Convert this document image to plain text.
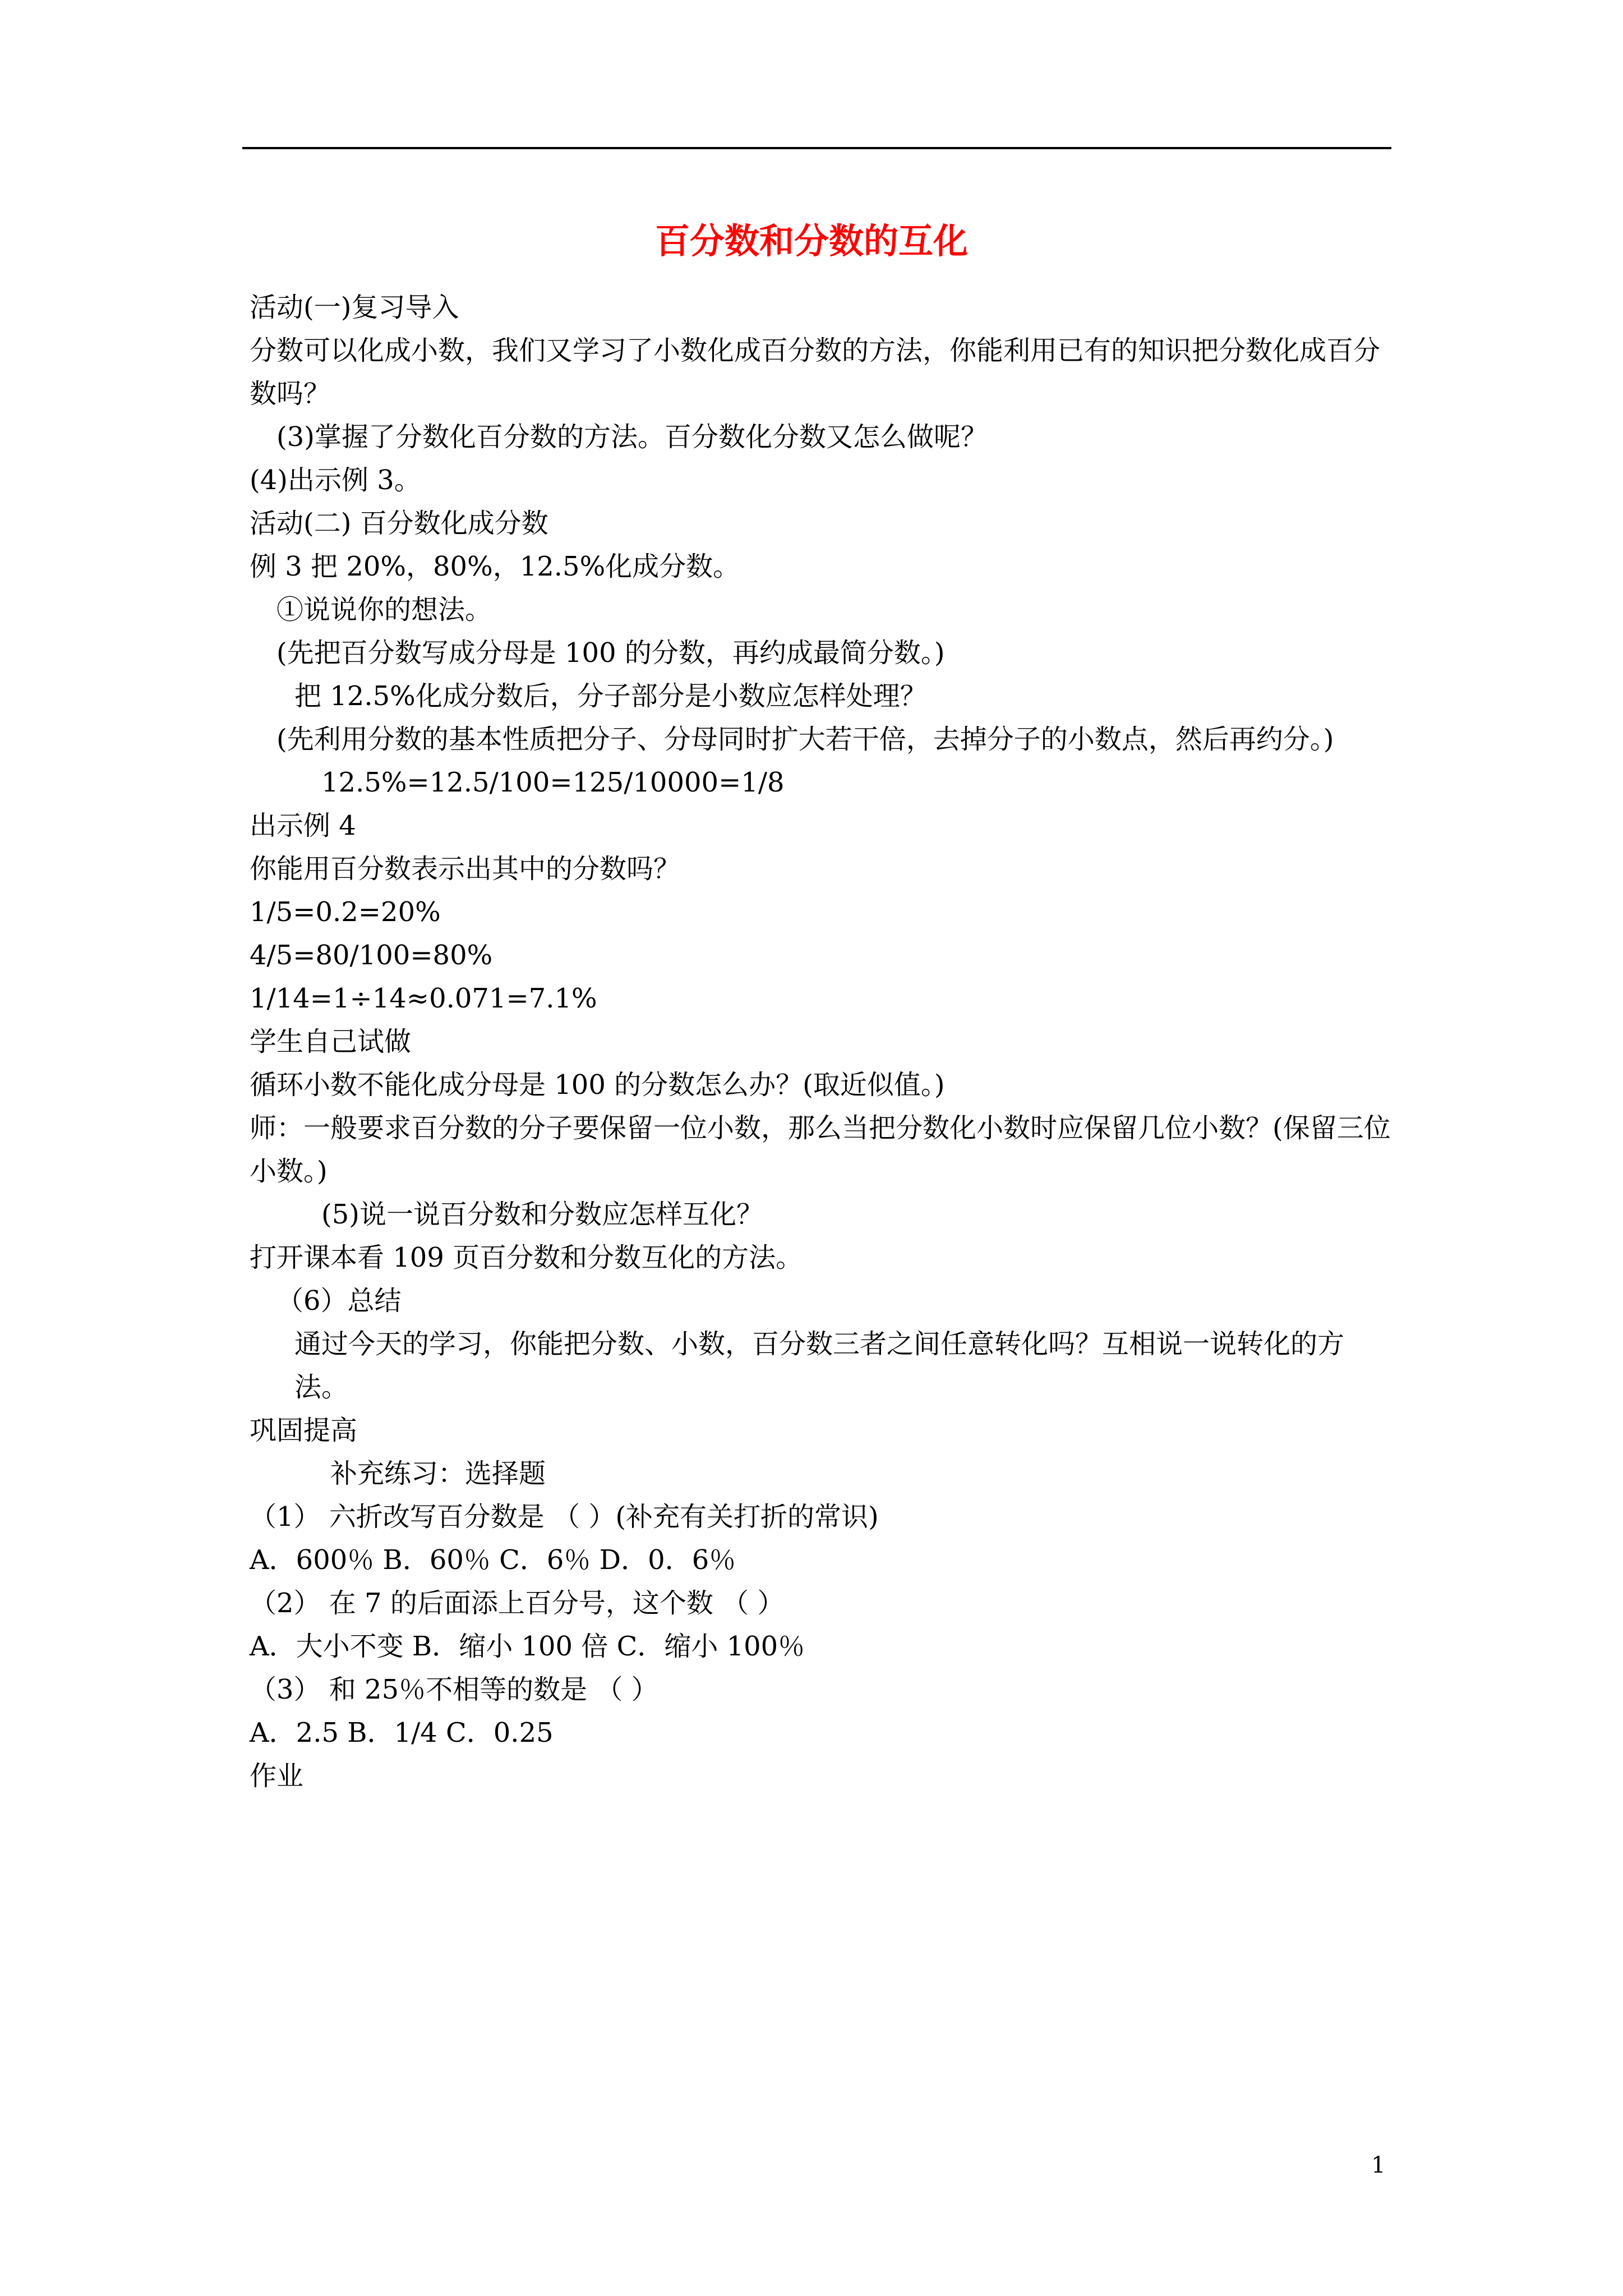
百分数和分数的互化

活动(一)复习导入

分数可以化成小数，我们又学习了小数化成百分数的方法，你能利用已有的知识把分数化成百分数吗？

(3)掌握了分数化百分数的方法。百分数化分数又怎么做呢？

(4)出示例 3。

活动(二) 百分数化成分数

例 3 把 20%，80%，12.5%化成分数。

①说说你的想法。

(先把百分数写成分母是 100 的分数，再约成最简分数。)

把 12.5%化成分数后，分子部分是小数应怎样处理？

(先利用分数的基本性质把分子、分母同时扩大若干倍，去掉分子的小数点，然后再约分。)

12.5%=12.5/100=125/10000=1/8

出示例 4

你能用百分数表示出其中的分数吗？

1/5=0.2=20%

4/5=80/100=80%

1/14=1÷14≈0.071=7.1%

学生自己试做

循环小数不能化成分母是 100 的分数怎么办？(取近似值。)

师：一般要求百分数的分子要保留一位小数，那么当把分数化小数时应保留几位小数？(保留三位小数。)

(5)说一说百分数和分数应怎样互化？

打开课本看 109 页百分数和分数互化的方法。

（6）总结

通过今天的学习，你能把分数、小数，百分数三者之间任意转化吗？互相说一说转化的方法。

巩固提高

补充练习：选择题

（1） 六折改写百分数是 （ ）(补充有关打折的常识)

A．600％ B．60％ C．6％ D．0．6％

（2） 在 7 的后面添上百分号，这个数 （ ）

A．大小不变 B．缩小 100 倍 C．缩小 100％

（3） 和 25％不相等的数是 （ ）

A．2.5 B．1/4 C．0.25

作业

1
